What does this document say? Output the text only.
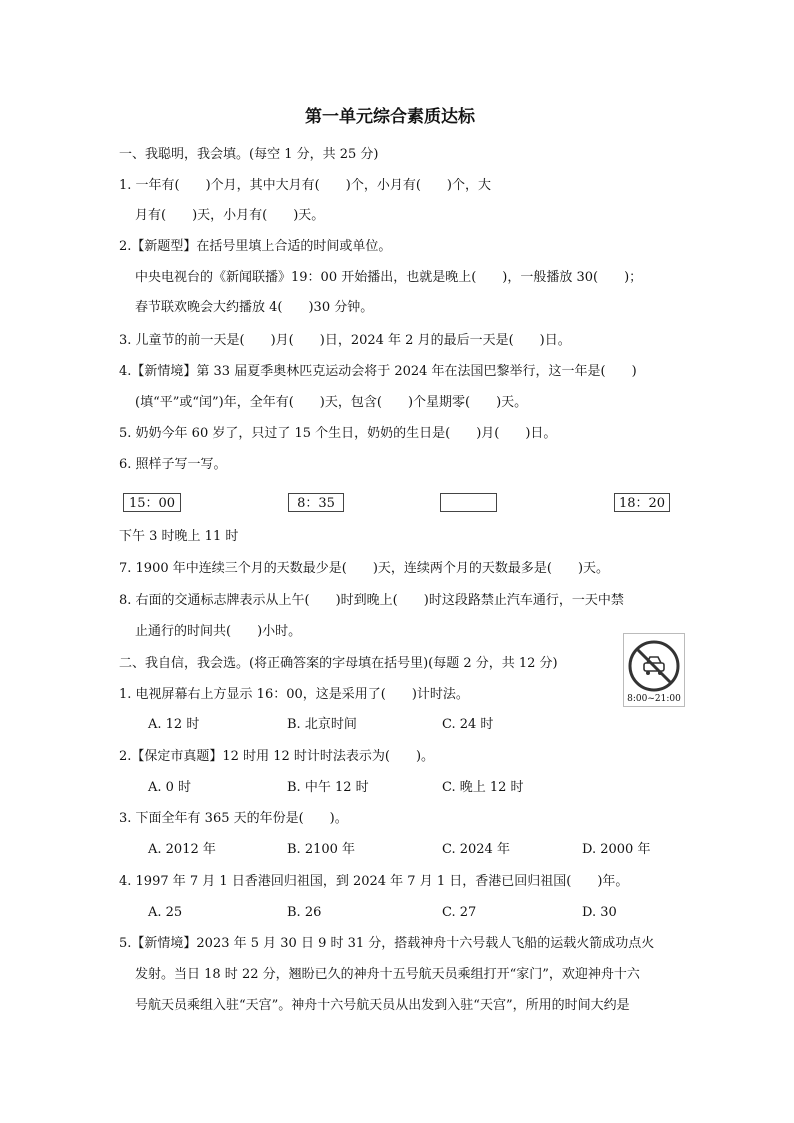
第一单元综合素质达标
一、我聪明，我会填。(每空 1 分，共 25 分)
1. 一年有(　　)个月，其中大月有(　　)个，小月有(　　)个，大
月有(　　)天，小月有(　　)天。
2.【新题型】在括号里填上合适的时间或单位。
中央电视台的《新闻联播》19：00 开始播出，也就是晚上(　　)，一般播放 30(　　)；
春节联欢晚会大约播放 4(　　)30 分钟。
3. 儿童节的前一天是(　　)月(　　)日，2024 年 2 月的最后一天是(　　)日。
4.【新情境】第 33 届夏季奥林匹克运动会将于 2024 年在法国巴黎举行，这一年是(　　)
(填“平”或“闰”)年，全年有(　　)天，包含(　　)个星期零(　　)天。
5. 奶奶今年 60 岁了，只过了 15 个生日，奶奶的生日是(　　)月(　　)日。
6. 照样子写一写。
15：00	8：35	18：20
下午 3 时晚上 11 时
7. 1900 年中连续三个月的天数最少是(　　)天，连续两个月的天数最多是(　　)天。
8. 右面的交通标志牌表示从上午(　　)时到晚上(　　)时这段路禁止汽车通行，一天中禁
止通行的时间共(　　)小时。
8:00~21:00
二、我自信，我会选。(将正确答案的字母填在括号里)(每题 2 分，共 12 分)
1. 电视屏幕右上方显示 16：00，这是采用了(　　)计时法。
A. 12 时	B. 北京时间	C. 24 时
2.【保定市真题】12 时用 12 时计时法表示为(　　)。
A. 0 时	B. 中午 12 时	C. 晚上 12 时
3. 下面全年有 365 天的年份是(　　)。
A. 2012 年	B. 2100 年	C. 2024 年	D. 2000 年
4. 1997 年 7 月 1 日香港回归祖国，到 2024 年 7 月 1 日，香港已回归祖国(　　)年。
A. 25	B. 26	C. 27	D. 30
5.【新情境】2023 年 5 月 30 日 9 时 31 分，搭载神舟十六号载人飞船的运载火箭成功点火
发射。当日 18 时 22 分，翘盼已久的神舟十五号航天员乘组打开“家门”，欢迎神舟十六
号航天员乘组入驻“天宫”。神舟十六号航天员从出发到入驻“天宫”，所用的时间大约是
